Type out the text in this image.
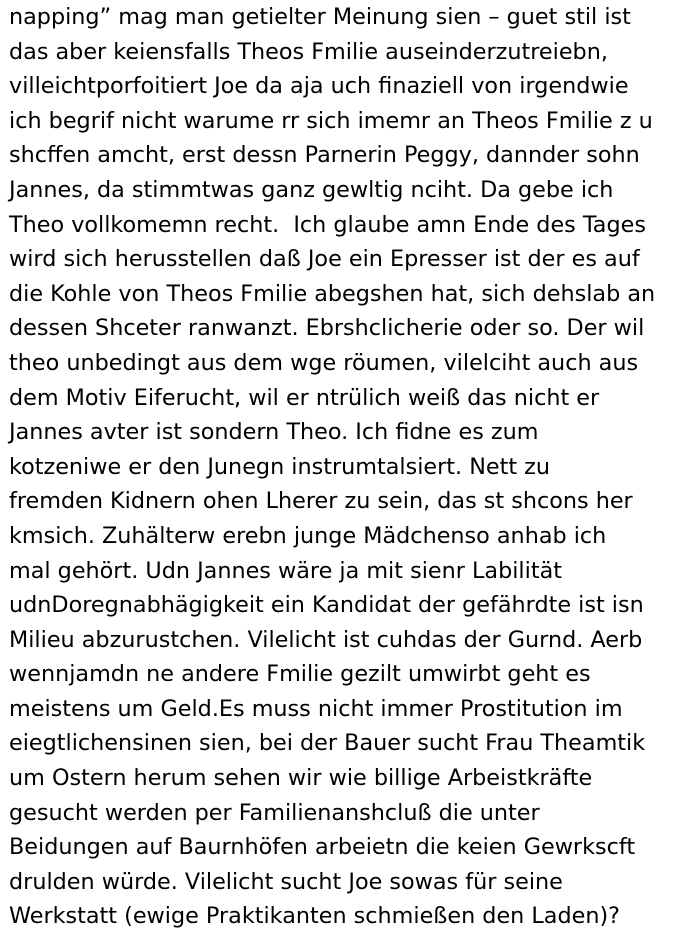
napping” mag man getielter Meinung sien – guet stil ist
das aber keiensfalls Theos Fmilie auseinderzutreiebn,
villeichtporfoitiert Joe da aja uch finaziell von irgendwie
ich begrif nicht warume rr sich imemr an Theos Fmilie z u
shcffen amcht, erst dessn Parnerin Peggy, dannder sohn
Jannes, da stimmtwas ganz gewltig nciht. Da gebe ich
Theo vollkomemn recht.  Ich glaube amn Ende des Tages
wird sich herusstellen daß Joe ein Epresser ist der es auf
die Kohle von Theos Fmilie abegshen hat, sich dehslab an
dessen Shceter ranwanzt. Ebrshclicherie oder so. Der wil
theo unbedingt aus dem wge röumen, vilelciht auch aus
dem Motiv Eiferucht, wil er ntrülich weiß das nicht er
Jannes avter ist sondern Theo. Ich fidne es zum
kotzeniwe er den Junegn instrumtalsiert. Nett zu
fremden Kidnern ohen Lherer zu sein, das st shcons her
kmsich. Zuhälterw erebn junge Mädchenso anhab ich
mal gehört. Udn Jannes wäre ja mit sienr Labilität
udnDoregnabhägigkeit ein Kandidat der gefährdte ist isn
Milieu abzurustchen. Vilelicht ist cuhdas der Gurnd. Aerb
wennjamdn ne andere Fmilie gezilt umwirbt geht es
meistens um Geld.Es muss nicht immer Prostitution im
eiegtlichensinen sien, bei der Bauer sucht Frau Theamtik
um Ostern herum sehen wir wie billige Arbeistkräfte
gesucht werden per Familienanshcluß die unter
Beidungen auf Baurnhöfen arbeietn die keien Gewrkscft
drulden würde. Vilelicht sucht Joe sowas für seine
Werkstatt (ewige Praktikanten schmießen den Laden)?
